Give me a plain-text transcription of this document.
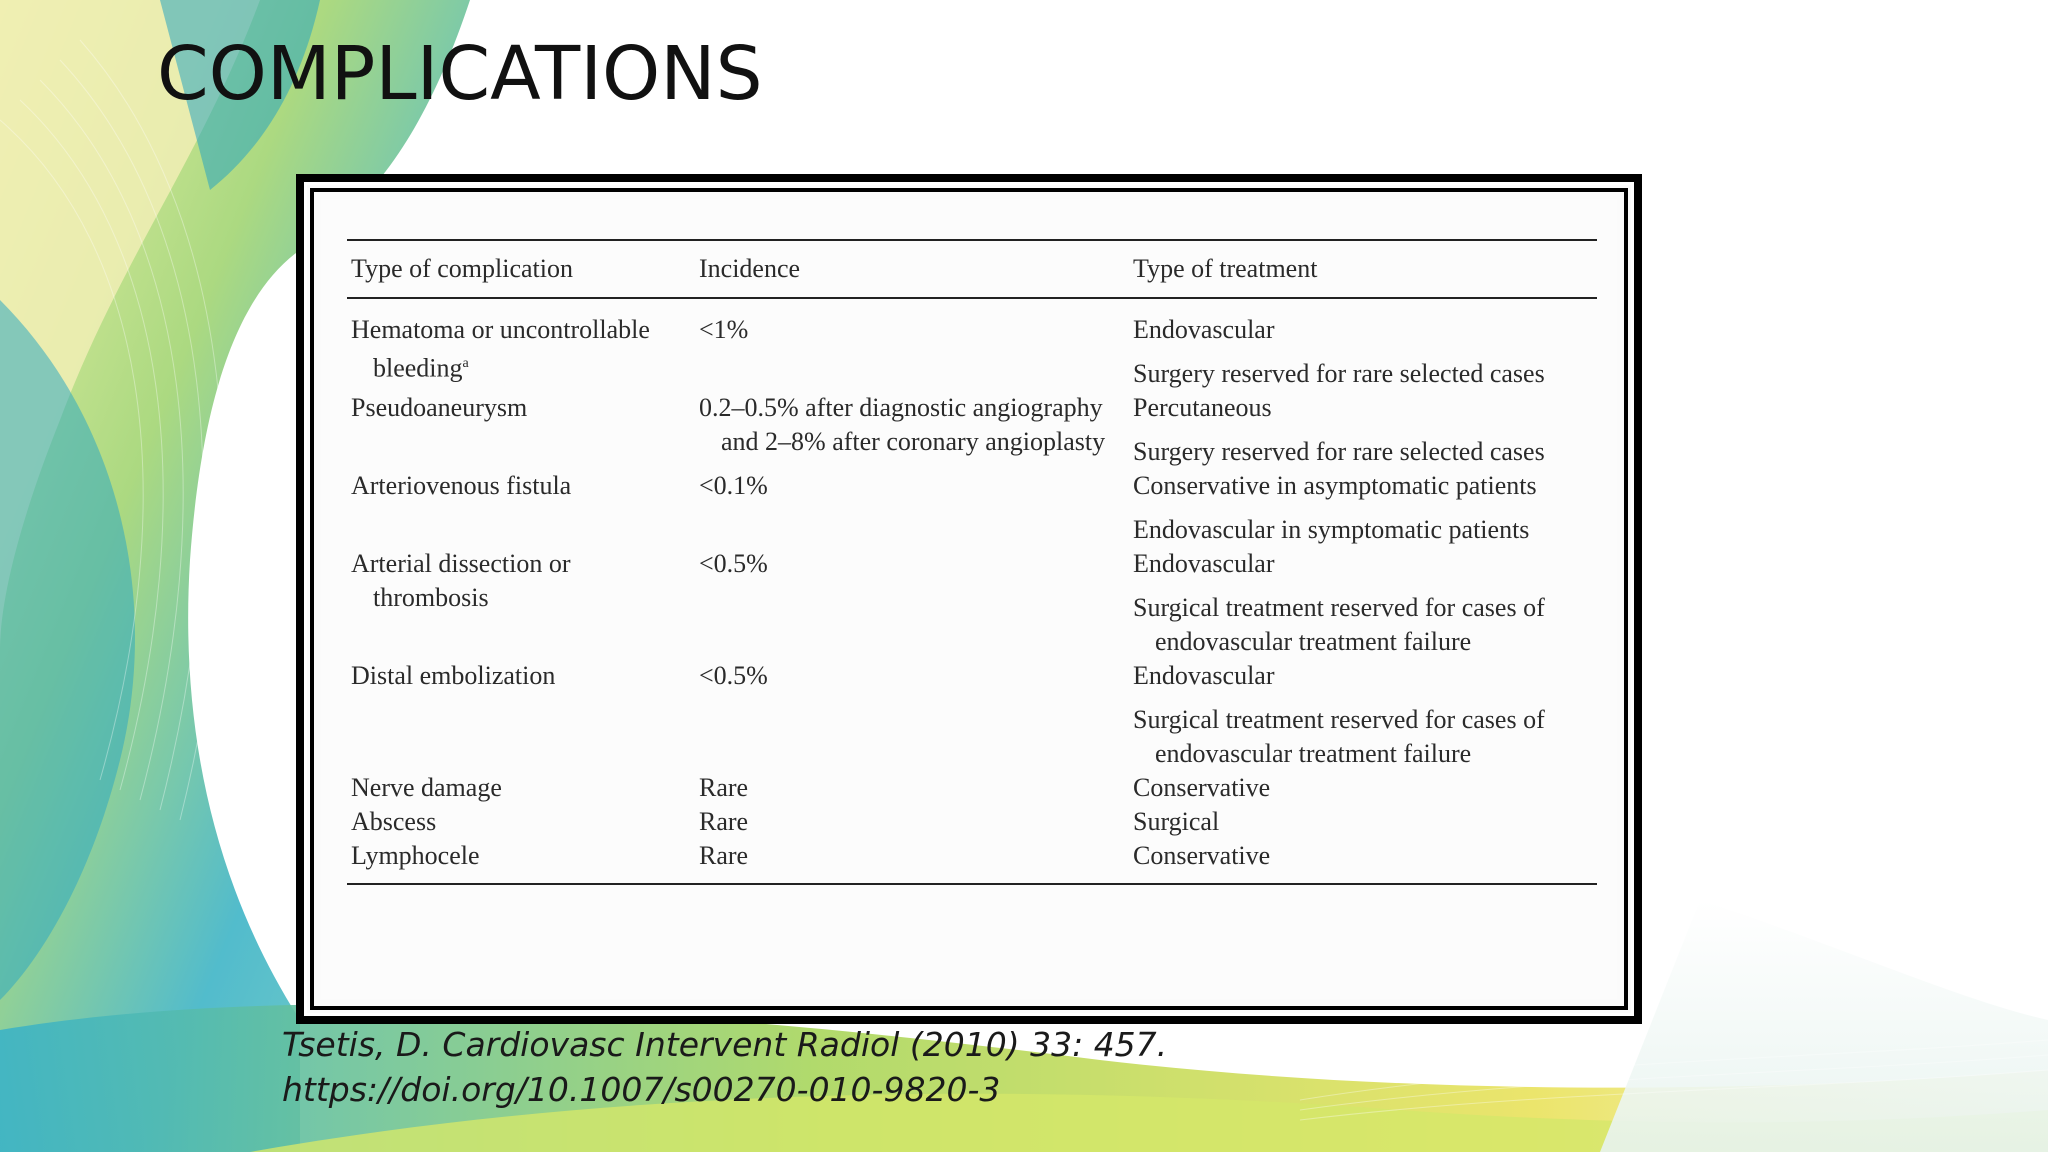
COMPLICATIONS
Type of complication	Incidence	Type of treatment

Hematoma or uncontrollable bleeding$^a$	<1%	Endovascular
Surgery reserved for rare selected cases

Pseudoaneurysm	0.2–0.5% after diagnostic angiography and 2–8% after coronary angioplasty	Percutaneous
Surgery reserved for rare selected cases

Arteriovenous fistula	<0.1%	Conservative in asymptomatic patients
Endovascular in symptomatic patients

Arterial dissection or thrombosis	<0.5%	Endovascular
Surgical treatment reserved for cases of endovascular treatment failure

Distal embolization	<0.5%	Endovascular
Surgical treatment reserved for cases of endovascular treatment failure

Nerve damage	Rare	Conservative
Abscess	Rare	Surgical
Lymphocele	Rare	Conservative
Tsetis, D. Cardiovasc Intervent Radiol (2010) 33: 457.
https://doi.org/10.1007/s00270-010-9820-3
